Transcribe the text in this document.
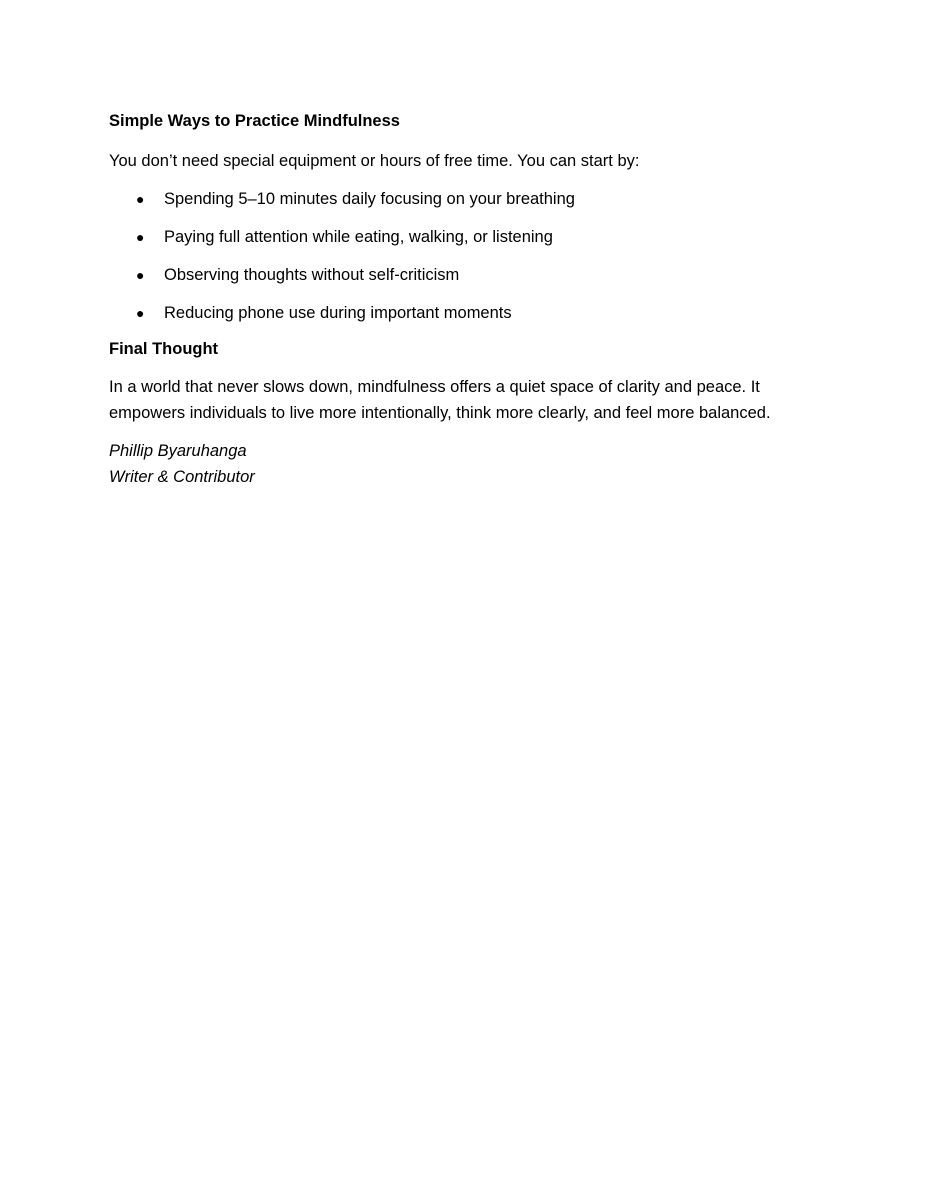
Simple Ways to Practice Mindfulness

You don’t need special equipment or hours of free time. You can start by:

● Spending 5–10 minutes daily focusing on your breathing
● Paying full attention while eating, walking, or listening
● Observing thoughts without self-criticism
● Reducing phone use during important moments

Final Thought

In a world that never slows down, mindfulness offers a quiet space of clarity and peace. It
empowers individuals to live more intentionally, think more clearly, and feel more balanced.
Phillip Byaruhanga
Writer & Contributor
